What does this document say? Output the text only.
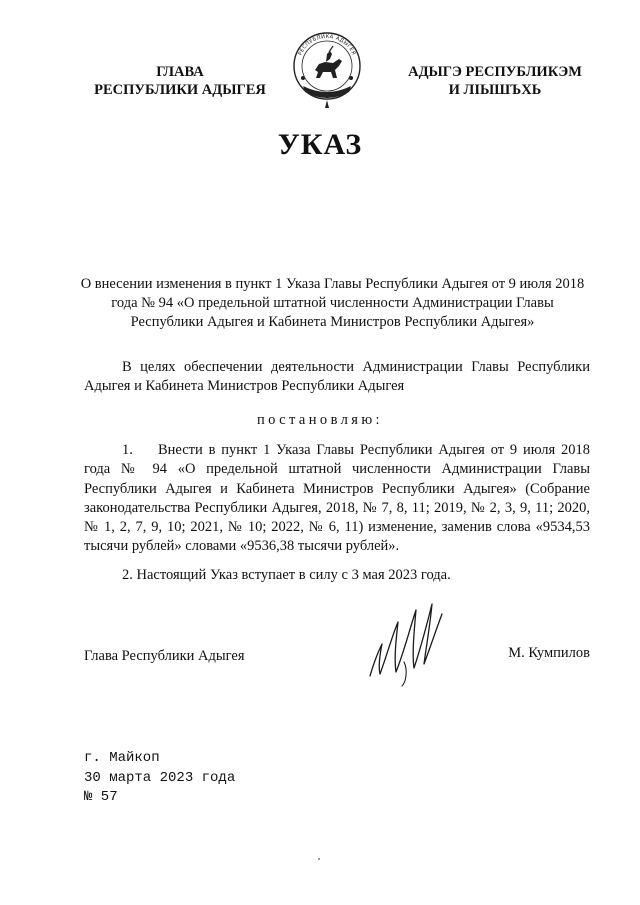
ГЛАВА
РЕСПУБЛИКИ АДЫГЕЯ
РЕСПУБЛИКА АДЫГЕЯ
АДЫГЭ РЕСПУБЛИКЭМ
И ЛІЫШЪХЬ
УКАЗ
О внесении изменения в пункт 1 Указа Главы Республики Адыгея от 9 июля 2018 года № 94 «О предельной штатной численности Администрации Главы Республики Адыгея и Кабинета Министров Республики Адыгея»
В целях обеспечении деятельности Администрации Главы Республики Адыгея и Кабинета Министров Республики Адыгея
постановляю:
1. Внести в пункт 1 Указа Главы Республики Адыгея от 9 июля 2018 года № 94 «О предельной штатной численности Администрации Главы Республики Адыгея и Кабинета Министров Республики Адыгея» (Собрание законодательства Республики Адыгея, 2018, № 7, 8, 11; 2019, № 2, 3, 9, 11; 2020, № 1, 2, 7, 9, 10; 2021, № 10; 2022, № 6, 11) изменение, заменив слова «9534,53 тысячи рублей» словами «9536,38 тысячи рублей».
2. Настоящий Указ вступает в силу с 3 мая 2023 года.
Глава Республики Адыгея	М. Кумпилов
г. Майкоп
30 марта 2023 года
№ 57
